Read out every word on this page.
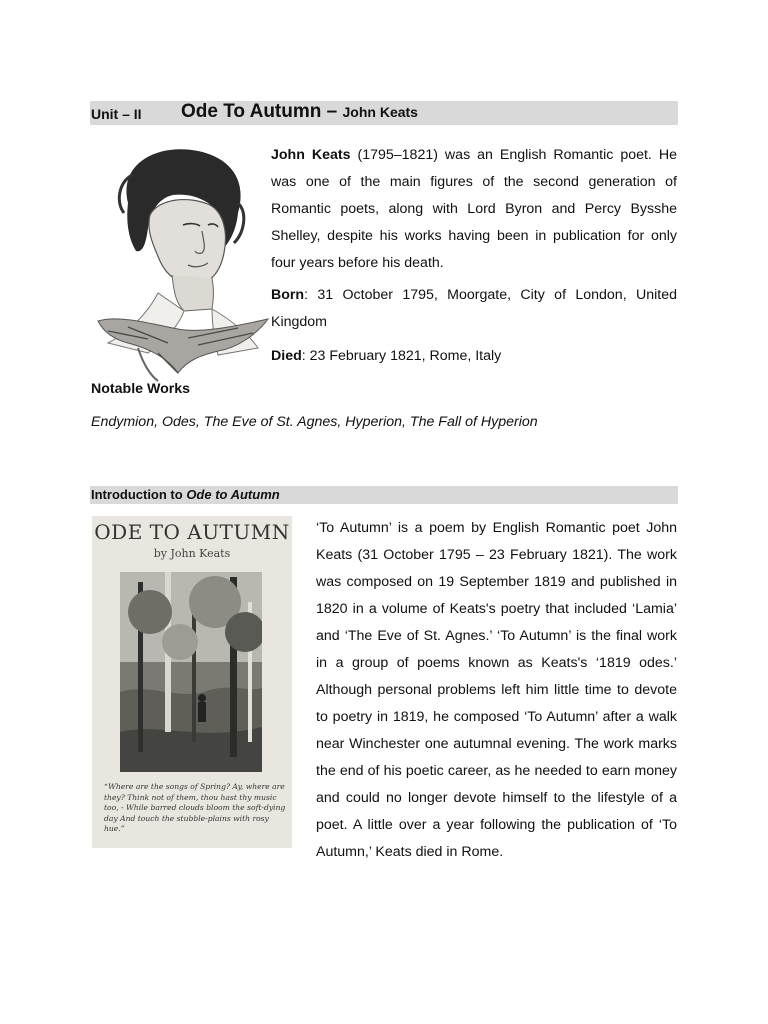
Unit – II Ode To Autumn – John Keats

John Keats (1795–1821) was an English Romantic poet. He was one of the main figures of the second generation of Romantic poets, along with Lord Byron and Percy Bysshe Shelley, despite his works having been in publication for only four years before his death.

Born: 31 October 1795, Moorgate, City of London, United Kingdom

Died: 23 February 1821, Rome, Italy

Notable Works
Endymion, Odes, The Eve of St. Agnes, Hyperion, The Fall of Hyperion
Introduction to Ode to Autumn
ODE TO AUTUMN
by John Keats
“Where are the songs of Spring? Ay, where are they? Think not of them, thou hast thy music too, - While barred clouds bloom the soft-dying day And touch the stubble-plains with rosy hue.”

‘To Autumn’ is a poem by English Romantic poet John Keats (31 October 1795 – 23 February 1821). The work was composed on 19 September 1819 and published in 1820 in a volume of Keats's poetry that included ‘Lamia’ and ‘The Eve of St. Agnes.’ ‘To Autumn’ is the final work in a group of poems known as Keats's ‘1819 odes.’ Although personal problems left him little time to devote to poetry in 1819, he composed ‘To Autumn’ after a walk near Winchester one autumnal evening. The work marks the end of his poetic career, as he needed to earn money and could no longer devote himself to the lifestyle of a poet. A little over a year following the publication of ‘To Autumn,’ Keats died in Rome.
